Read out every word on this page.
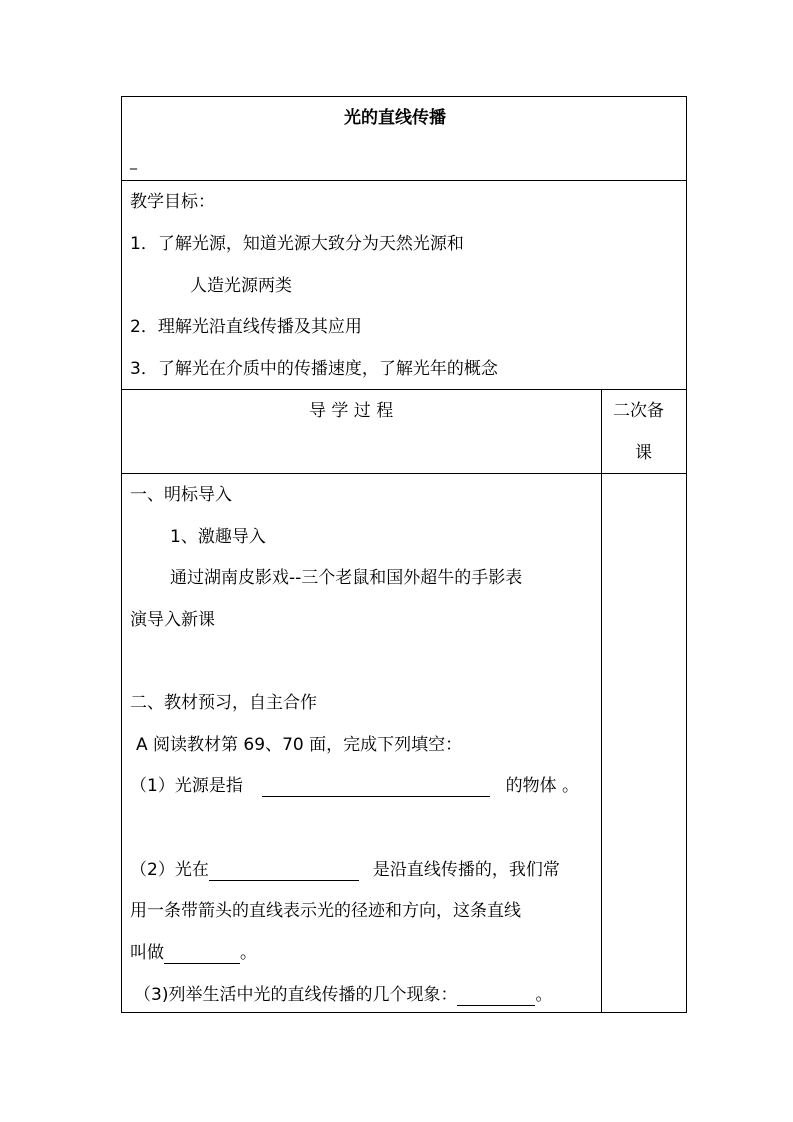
光的直线传播
_
教学目标：
1．了解光源，知道光源大致分为天然光源和
人造光源两类
2．理解光沿直线传播及其应用
3．了解光在介质中的传播速度，了解光年的概念
导 学 过 程	二次备
课
一、明标导入
1、激趣导入
通过湖南皮影戏--三个老鼠和国外超牛的手影表
演导入新课
二、教材预习，自主合作
A 阅读教材第 69、70 面，完成下列填空：
（1）光源是指	的物体 。
（2）光在	是沿直线传播的，我们常
用一条带箭头的直线表示光的径迹和方向，这条直线
叫做	。
（3)列举生活中光的直线传播的几个现象：	。
